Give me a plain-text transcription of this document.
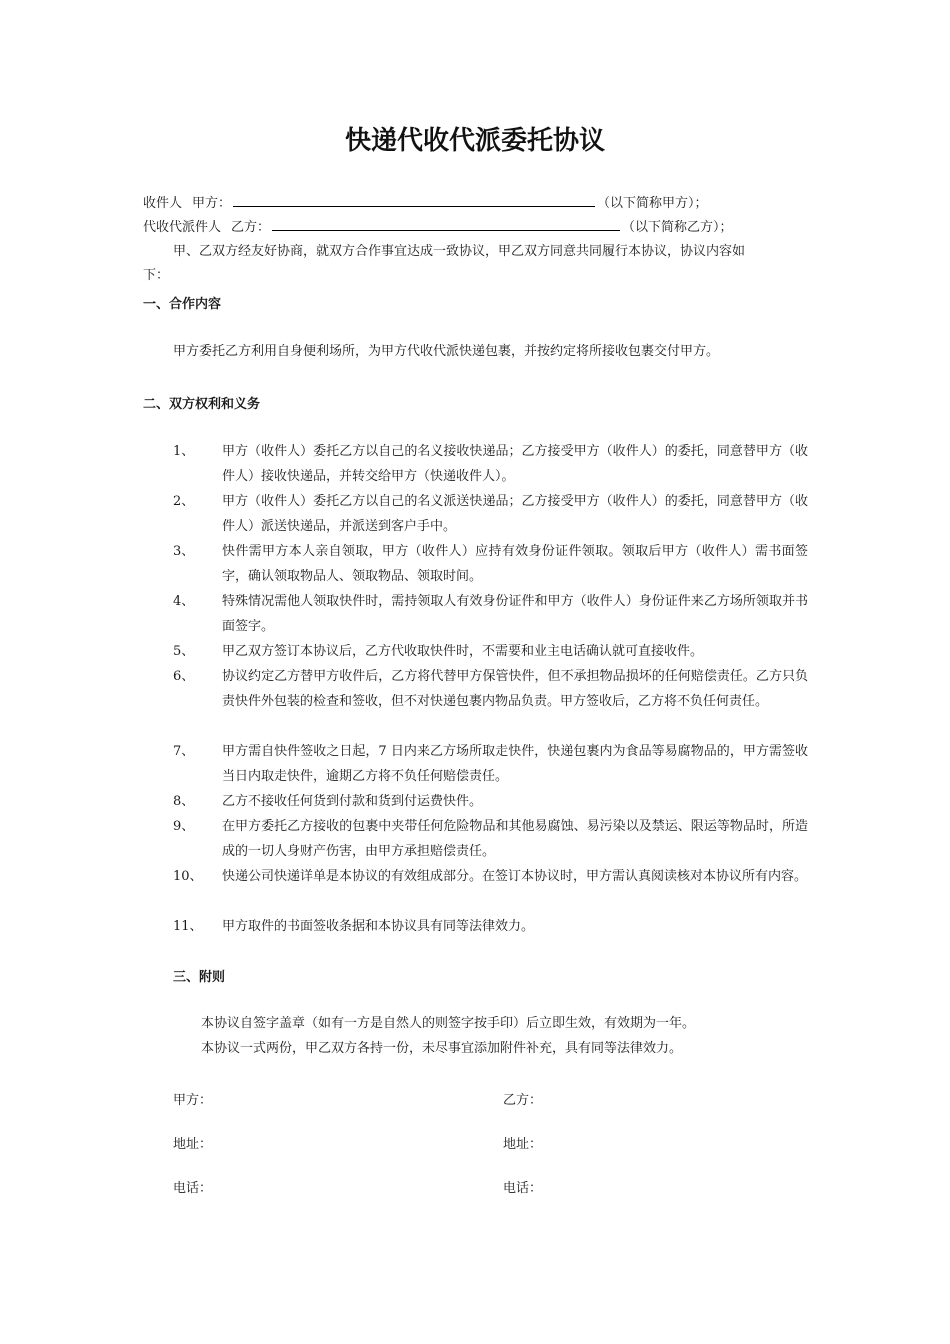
快递代收代派委托协议
收件人 甲方：	（以下简称甲方）；
代收代派件人 乙方：	（以下简称乙方）；
甲、乙双方经友好协商，就双方合作事宜达成一致协议，甲乙双方同意共同履行本协议，协议内容如
下：
一、合作内容
甲方委托乙方利用自身便利场所，为甲方代收代派快递包裹，并按约定将所接收包裹交付甲方。
二、双方权利和义务
1、	甲方（收件人）委托乙方以自己的名义接收快递品；乙方接受甲方（收件人）的委托，同意替甲方（收件人）接收快递品，并转交给甲方（快递收件人）。
2、	甲方（收件人）委托乙方以自己的名义派送快递品；乙方接受甲方（收件人）的委托，同意替甲方（收件人）派送快递品，并派送到客户手中。
3、	快件需甲方本人亲自领取，甲方（收件人）应持有效身份证件领取。领取后甲方（收件人）需书面签字，确认领取物品人、领取物品、领取时间。
4、	特殊情况需他人领取快件时，需持领取人有效身份证件和甲方（收件人）身份证件来乙方场所领取并书面签字。
5、	甲乙双方签订本协议后，乙方代收取快件时，不需要和业主电话确认就可直接收件。
6、	协议约定乙方替甲方收件后，乙方将代替甲方保管快件，但不承担物品损坏的任何赔偿责任。乙方只负责快件外包装的检查和签收，但不对快递包裹内物品负责。甲方签收后，乙方将不负任何责任。
7、	甲方需自快件签收之日起，7 日内来乙方场所取走快件，快递包裹内为食品等易腐物品的，甲方需签收当日内取走快件，逾期乙方将不负任何赔偿责任。
8、	乙方不接收任何货到付款和货到付运费快件。
9、	在甲方委托乙方接收的包裹中夹带任何危险物品和其他易腐蚀、易污染以及禁运、限运等物品时，所造成的一切人身财产伤害，由甲方承担赔偿责任。
10、	快递公司快递详单是本协议的有效组成部分。在签订本协议时，甲方需认真阅读核对本协议所有内容。
11、	甲方取件的书面签收条据和本协议具有同等法律效力。
三、附则
本协议自签字盖章（如有一方是自然人的则签字按手印）后立即生效，有效期为一年。
本协议一式两份，甲乙双方各持一份，未尽事宜添加附件补充，具有同等法律效力。
甲方：	乙方：
地址：	地址：
电话：	电话：
